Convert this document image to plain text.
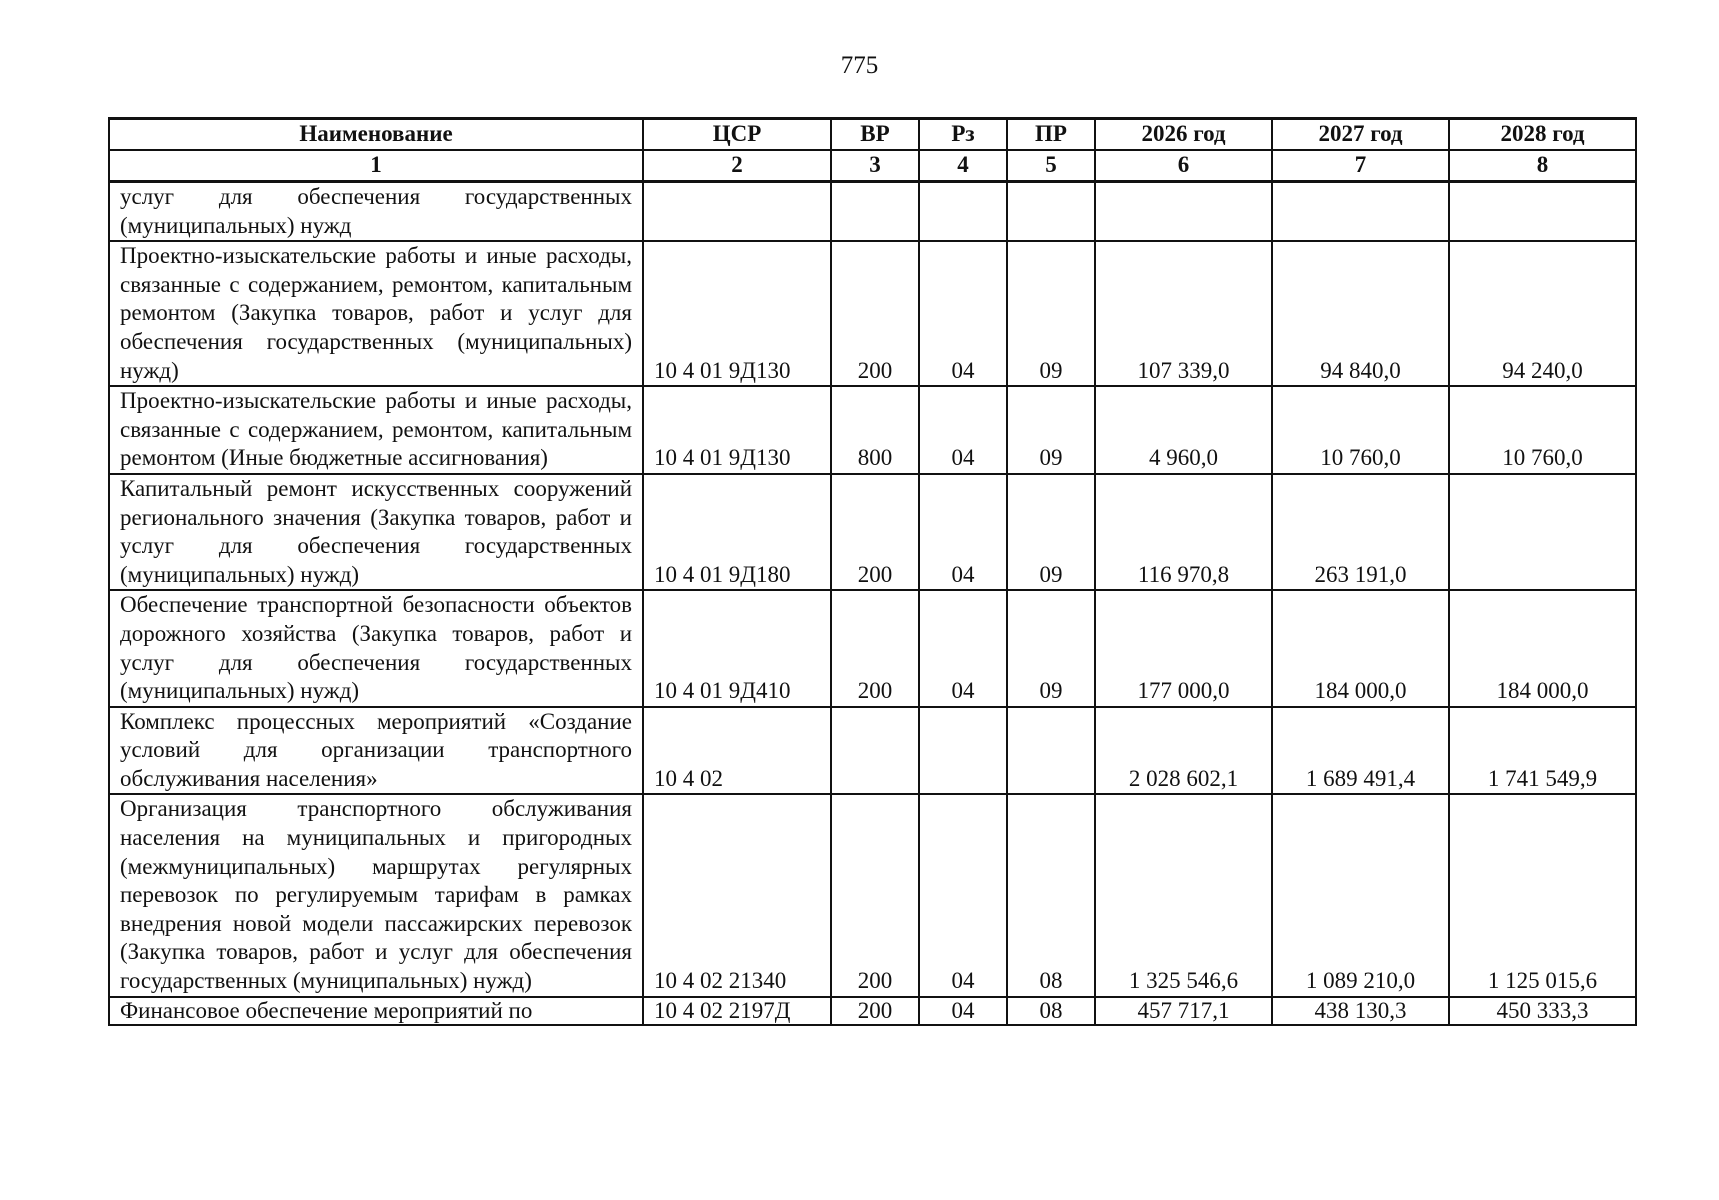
775
Наименование	ЦСР	ВР	Рз	ПР	2026 год	2027 год	2028 год
1	2	3	4	5	6	7	8
услуг для обеспечения государственных (муниципальных) нужд							
Проектно-изыскательские работы и иные расходы, связанные с содержанием, ремонтом, капитальным ремонтом (Закупка товаров, работ и услуг для обеспечения государственных (муниципальных) нужд)	10 4 01 9Д130	200	04	09	107 339,0	94 840,0	94 240,0
Проектно-изыскательские работы и иные расходы, связанные с содержанием, ремонтом, капитальным ремонтом (Иные бюджетные ассигнования)	10 4 01 9Д130	800	04	09	4 960,0	10 760,0	10 760,0
Капитальный ремонт искусственных сооружений регионального значения (Закупка товаров, работ и услуг для обеспечения государственных (муниципальных) нужд)	10 4 01 9Д180	200	04	09	116 970,8	263 191,0	
Обеспечение транспортной безопасности объектов дорожного хозяйства (Закупка товаров, работ и услуг для обеспечения государственных (муниципальных) нужд)	10 4 01 9Д410	200	04	09	177 000,0	184 000,0	184 000,0
Комплекс процессных мероприятий «Создание условий для организации транспортного обслуживания населения»	10 4 02				2 028 602,1	1 689 491,4	1 741 549,9
Организация транспортного обслуживания населения на муниципальных и пригородных (межмуниципальных) маршрутах регулярных перевозок по регулируемым тарифам в рамках внедрения новой модели пассажирских перевозок (Закупка товаров, работ и услуг для обеспечения государственных (муниципальных) нужд)	10 4 02 21340	200	04	08	1 325 546,6	1 089 210,0	1 125 015,6
Финансовое обеспечение мероприятий по	10 4 02 2197Д	200	04	08	457 717,1	438 130,3	450 333,3
